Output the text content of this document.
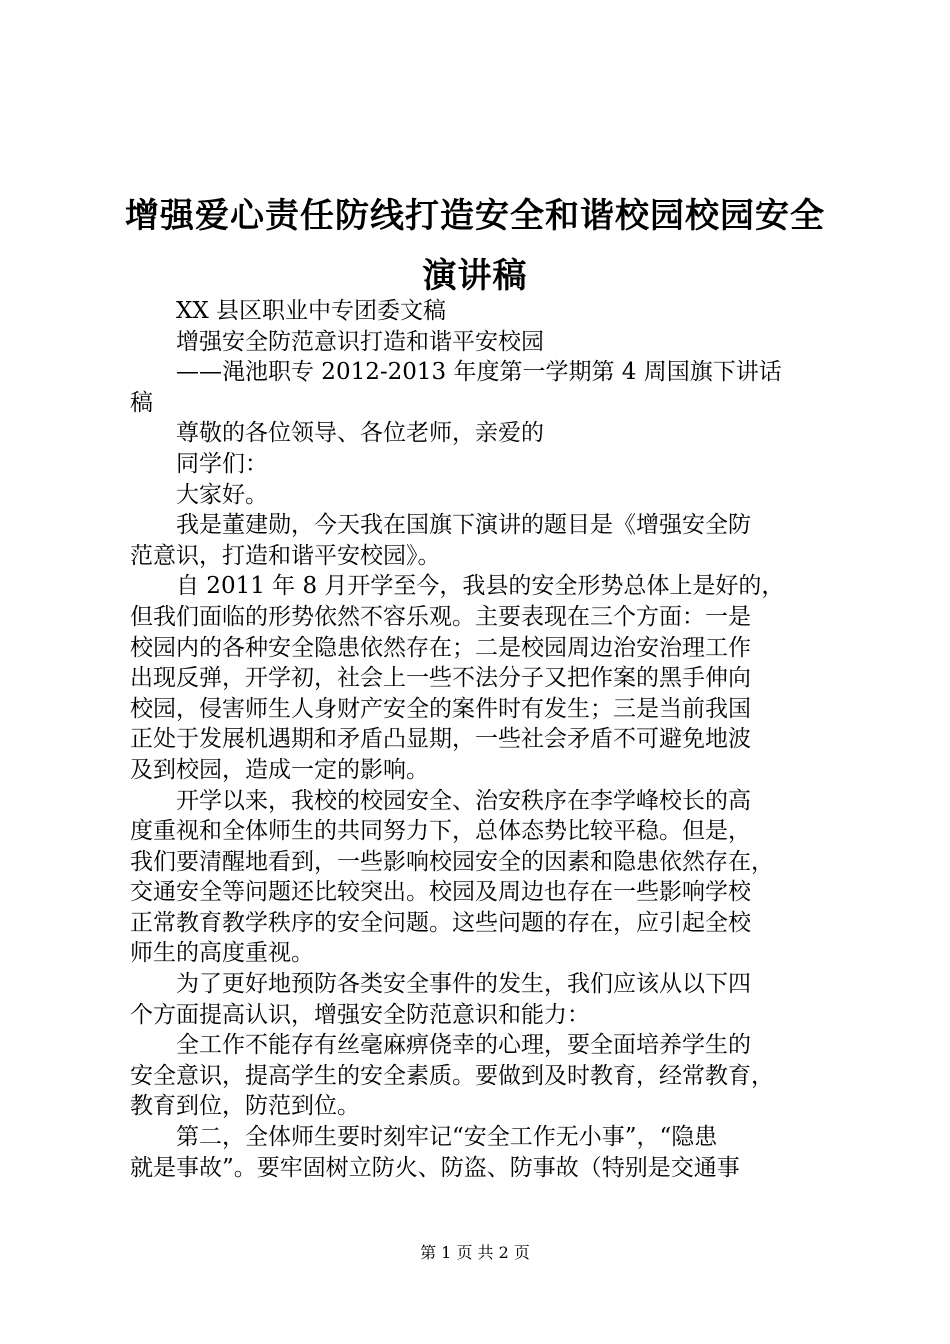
增强爱心责任防线打造安全和谐校园校园安全
演讲稿
　　XX 县区职业中专团委文稿
　　增强安全防范意识打造和谐平安校园
　　——渑池职专 2012-2013 年度第一学期第 4 周国旗下讲话
稿
　　尊敬的各位领导、各位老师，亲爱的
　　同学们：
　　大家好。
　　我是董建勋，今天我在国旗下演讲的题目是《增强安全防
范意识，打造和谐平安校园》。
　　自 2011 年 8 月开学至今，我县的安全形势总体上是好的，
但我们面临的形势依然不容乐观。主要表现在三个方面：一是
校园内的各种安全隐患依然存在；二是校园周边治安治理工作
出现反弹，开学初，社会上一些不法分子又把作案的黑手伸向
校园，侵害师生人身财产安全的案件时有发生；三是当前我国
正处于发展机遇期和矛盾凸显期，一些社会矛盾不可避免地波
及到校园，造成一定的影响。
　　开学以来，我校的校园安全、治安秩序在李学峰校长的高
度重视和全体师生的共同努力下，总体态势比较平稳。但是，
我们要清醒地看到，一些影响校园安全的因素和隐患依然存在，
交通安全等问题还比较突出。校园及周边也存在一些影响学校
正常教育教学秩序的安全问题。这些问题的存在，应引起全校
师生的高度重视。
　　为了更好地预防各类安全事件的发生，我们应该从以下四
个方面提高认识，增强安全防范意识和能力：
　　全工作不能存有丝毫麻痹侥幸的心理，要全面培养学生的
安全意识，提高学生的安全素质。要做到及时教育，经常教育，
教育到位，防范到位。
　　第二，全体师生要时刻牢记“安全工作无小事”，“隐患
就是事故”。要牢固树立防火、防盗、防事故（特别是交通事
第 1 页 共 2 页
